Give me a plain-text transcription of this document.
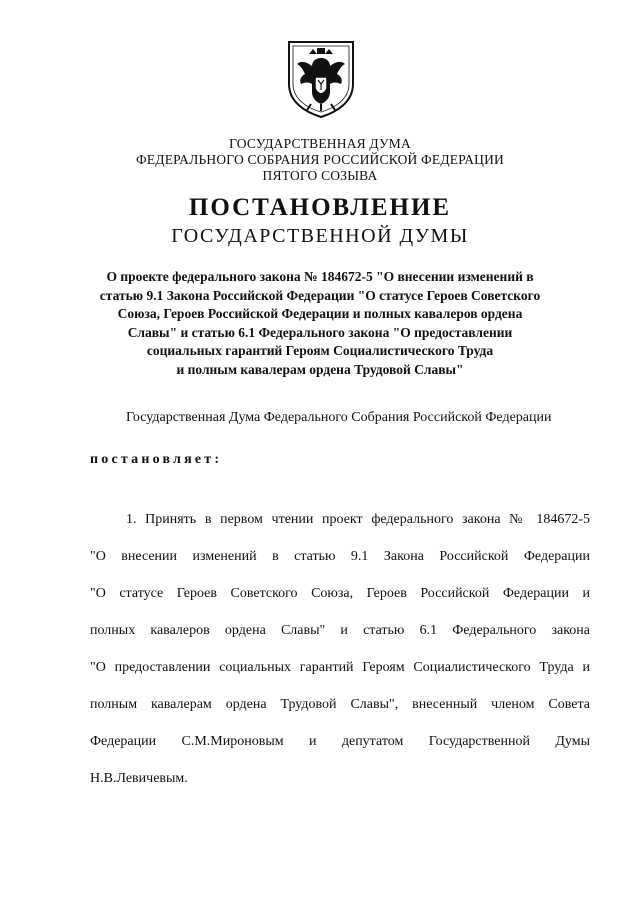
ГОСУДАРСТВЕННАЯ ДУМА
ФЕДЕРАЛЬНОГО СОБРАНИЯ РОССИЙСКОЙ ФЕДЕРАЦИИ
ПЯТОГО СОЗЫВА
ПОСТАНОВЛЕНИЕ
ГОСУДАРСТВЕННОЙ ДУМЫ
О проекте федерального закона № 184672-5 "О внесении изменений в
статью 9.1 Закона Российской Федерации "О статусе Героев Советского
Союза, Героев Российской Федерации и полных кавалеров ордена
Славы" и статью 6.1 Федерального закона "О предоставлении
социальных гарантий Героям Социалистического Труда
и полным кавалерам ордена Трудовой Славы"
Государственная Дума Федерального Собрания Российской Федерации
постановляет:
1. Принять в первом чтении проект федерального закона № 184672-5
"О внесении изменений в статью 9.1 Закона Российской Федерации
"О статусе Героев Советского Союза, Героев Российской Федерации и
полных кавалеров ордена Славы" и статью 6.1 Федерального закона
"О предоставлении социальных гарантий Героям Социалистического Труда и
полным кавалерам ордена Трудовой Славы", внесенный членом Совета
Федерации С.М.Мироновым и депутатом Государственной Думы
Н.В.Левичевым.
